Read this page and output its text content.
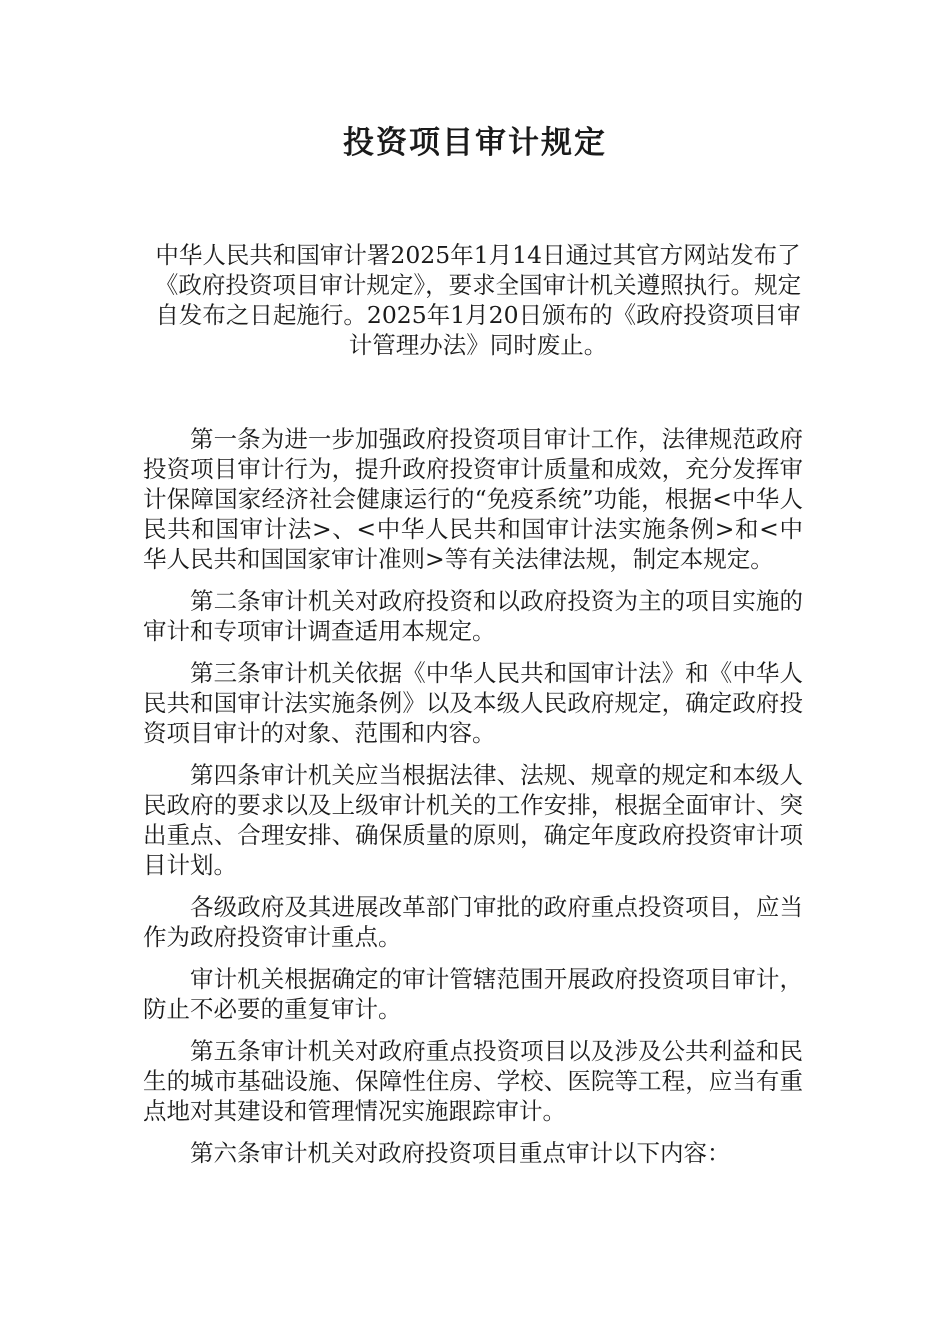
投资项目审计规定

中华人民共和国审计署2025年1月14日通过其官方网站发布了《政府投资项目审计规定》，要求全国审计机关遵照执行。规定自发布之日起施行。2025年1月20日颁布的《政府投资项目审计管理办法》同时废止。

第一条为进一步加强政府投资项目审计工作，法律规范政府投资项目审计行为，提升政府投资审计质量和成效，充分发挥审计保障国家经济社会健康运行的“免疫系统”功能，根据<中华人民共和国审计法>、<中华人民共和国审计法实施条例>和<中华人民共和国国家审计准则>等有关法律法规，制定本规定。

第二条审计机关对政府投资和以政府投资为主的项目实施的审计和专项审计调查适用本规定。

第三条审计机关依据《中华人民共和国审计法》和《中华人民共和国审计法实施条例》以及本级人民政府规定，确定政府投资项目审计的对象、范围和内容。

第四条审计机关应当根据法律、法规、规章的规定和本级人民政府的要求以及上级审计机关的工作安排，根据全面审计、突出重点、合理安排、确保质量的原则，确定年度政府投资审计项目计划。

各级政府及其进展改革部门审批的政府重点投资项目，应当作为政府投资审计重点。

审计机关根据确定的审计管辖范围开展政府投资项目审计，防止不必要的重复审计。

第五条审计机关对政府重点投资项目以及涉及公共利益和民生的城市基础设施、保障性住房、学校、医院等工程，应当有重点地对其建设和管理情况实施跟踪审计。

第六条审计机关对政府投资项目重点审计以下内容：
